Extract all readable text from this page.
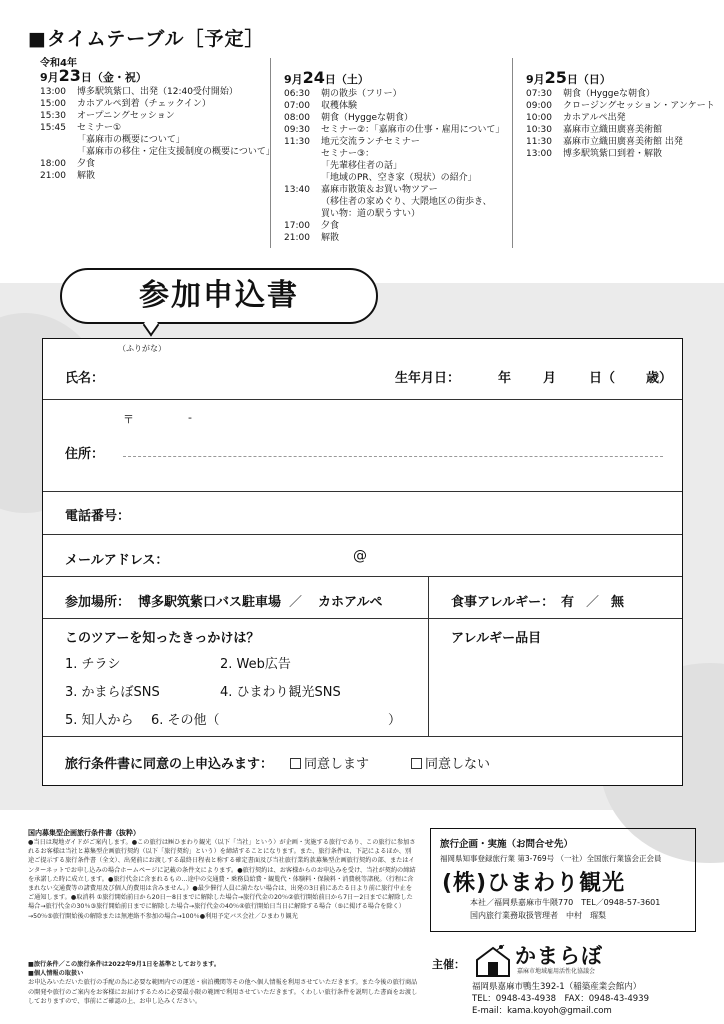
■タイムテーブル［予定］
令和4年
9月23日（金・祝）
13:00	博多駅筑紫口、出発（12:40受付開始）
15:00	カホアルペ到着（チェックイン）
15:30	オープニングセッション
15:45	セミナー①
「嘉麻市の概要について」
「嘉麻市の移住・定住支援制度の概要について」
18:00	夕食
21:00	解散
9月24日（土）
06:30	朝の散歩（フリー）
07:00	収穫体験
08:00	朝食（Hyggeな朝食）
09:30	セミナー②：「嘉麻市の仕事・雇用について」
11:30	地元交流ランチセミナー
セミナー③：
「先輩移住者の話」
「地域のPR、空き家（現状）の紹介」
13:40	嘉麻市散策＆お買い物ツアー
（移住者の家めぐり、大隈地区の街歩き、
買い物：道の駅うすい）
17:00	夕食
21:00	解散
9月25日（日）
07:30	朝食（Hyggeな朝食）
09:00	クロージングセッション・アンケート
10:00	カホアルペ出発
10:30	嘉麻市立織田廣喜美術館
11:30	嘉麻市立織田廣喜美術館 出発
13:00	博多駅筑紫口到着・解散
参加申込書
（ふりがな）
氏名：	生年月日：	年 月	日（ 歳）
〒	-
住所：
電話番号：
メールアドレス：	@
参加場所： 博多駅筑紫口バス駐車場 ／ カホアルペ	食事アレルギー： 有 ／ 無
このツアーを知ったきっかけは？
1. チラシ	2. Web広告
3. かまらぼSNS	4. ひまわり観光SNS
5. 知人から 6. その他（	）
アレルギー品目
旅行条件書に同意の上申込みます：	同意します	同意しない
国内募集型企画旅行条件書（抜粋）
●当日は現地ガイドがご案内します。●この旅行は㈱ひまわり観光（以下「当社」という）が企画・実施する旅行であり、この旅行に参加されるお客様は当社と募集型企画旅行契約（以下「旅行契約」という）を締結することになります。また、旅行条件は、下記によるほか、別途ご提示する旅行条件書（全文）、出発前にお渡しする最終日程表と称する確定書面及び当社旅行業約款募集型企画旅行契約の部、またはインターネットでお申し込みの場合ホームページに記載の条件文によります。●旅行契約は、お客様からのお申込みを受け、当社が契約の締結を承諾した時に成立します。●旅行代金に含まれるもの…途中の交通費・乗務員給費・観覧代・体験料・保険料・消費税等諸税。（行程に含まれない交通費等の諸費用及び個人的費用は含みません。）●最少催行人員に満たない場合は、出発の3日前にあたる日より前に旅行中止をご通知します。●取消料 ①旅行開始前日から20日～8日までに解除した場合→旅行代金の20％②旅行開始前日から7日～2日までに解除した場合→旅行代金の30％③旅行開始前日までに解除した場合→旅行代金の40％④旅行開始日当日に解除する場合（⑤に掲げる場合を除く）→50％⑤旅行開始後の解除または無連絡不参加の場合→100％●利用予定バス会社／ひまわり観光
■旅行条件／この旅行条件は2022年9月1日を基準としております。
■個人情報の取扱い
お申込みいただいた旅行の手配の為に必要な範囲内での運送・宿泊機関等その他へ個人情報を利用させていただきます。また今後の旅行商品の開発や旅行のご案内をお客様にお届けするために必要最小限の範囲で利用させていただきます。くわしい旅行条件を説明した書面をお渡ししておりますので、事前にご確認の上、お申し込みください。
旅行企画・実施（お問合せ先）
福岡県知事登録旅行業 第3-769号 （一社）全国旅行業協会正会員
(株)ひまわり観光
本社／福岡県嘉麻市牛隈770　TEL／0948-57-3601
国内旅行業務取扱管理者　中村　瑠梨
主催： かまらぼ
嘉麻市地域雇用活性化協議会
福岡県嘉麻市鴨生392-1（稲築産業会館内）
TEL：0948-43-4938　FAX：0948-43-4939
E-mail：kama.koyoh@gmail.com
